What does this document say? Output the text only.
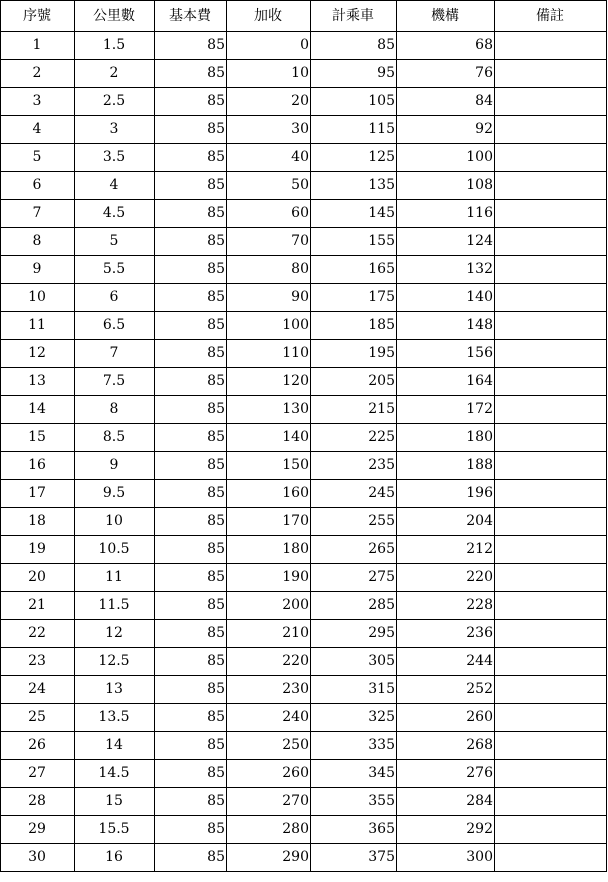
序號	公里數	基本費	加收	計乘車	機構	備註
1	1.5	85	0	85	68	
2	2	85	10	95	76	
3	2.5	85	20	105	84	
4	3	85	30	115	92	
5	3.5	85	40	125	100	
6	4	85	50	135	108	
7	4.5	85	60	145	116	
8	5	85	70	155	124	
9	5.5	85	80	165	132	
10	6	85	90	175	140	
11	6.5	85	100	185	148	
12	7	85	110	195	156	
13	7.5	85	120	205	164	
14	8	85	130	215	172	
15	8.5	85	140	225	180	
16	9	85	150	235	188	
17	9.5	85	160	245	196	
18	10	85	170	255	204	
19	10.5	85	180	265	212	
20	11	85	190	275	220	
21	11.5	85	200	285	228	
22	12	85	210	295	236	
23	12.5	85	220	305	244	
24	13	85	230	315	252	
25	13.5	85	240	325	260	
26	14	85	250	335	268	
27	14.5	85	260	345	276	
28	15	85	270	355	284	
29	15.5	85	280	365	292	
30	16	85	290	375	300	
